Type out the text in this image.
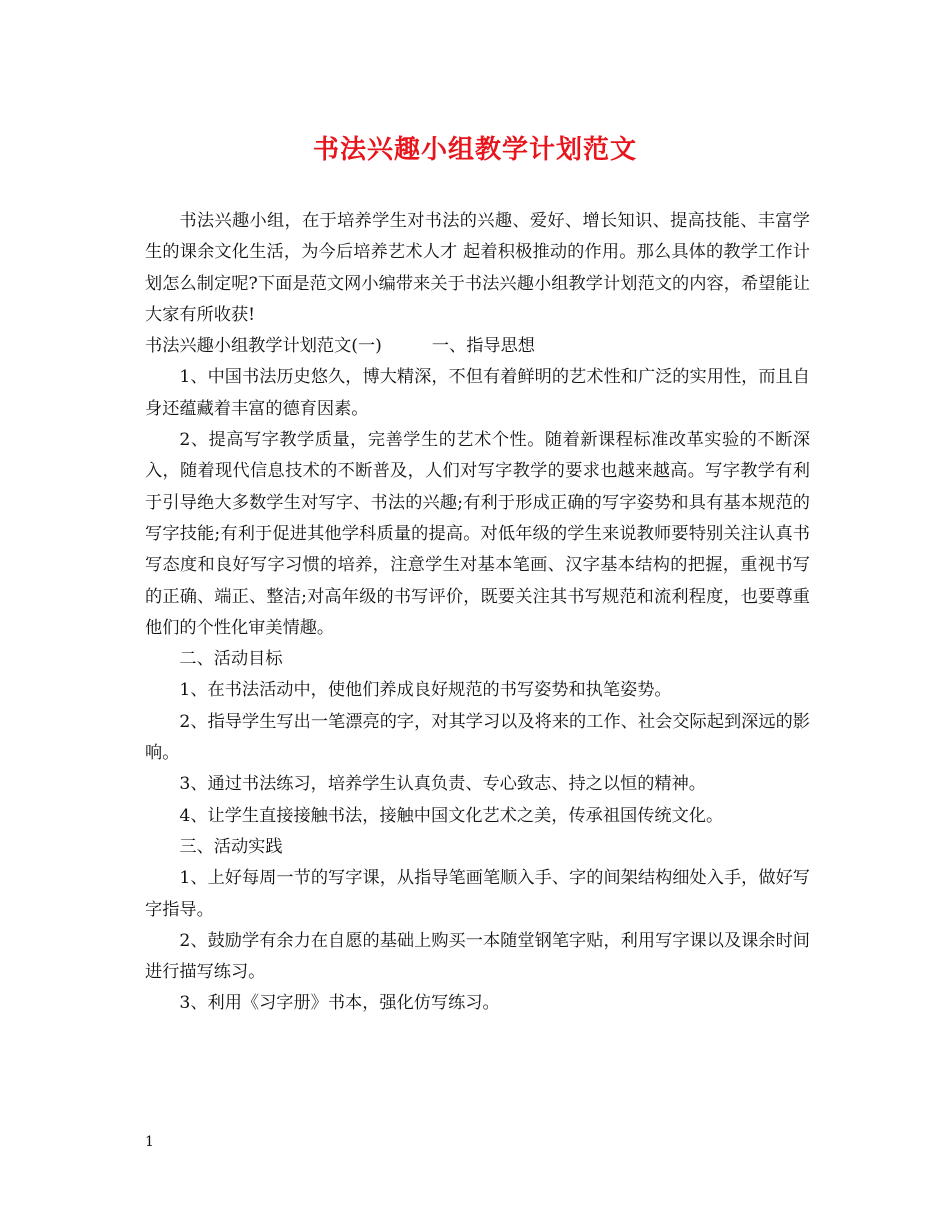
书法兴趣小组教学计划范文

书法兴趣小组，在于培养学生对书法的兴趣、爱好、增长知识、提高技能、丰富学生的课余文化生活，为今后培养艺术人才 起着积极推动的作用。那么具体的教学工作计划怎么制定呢?下面是范文网小编带来关于书法兴趣小组教学计划范文的内容，希望能让大家有所收获!

书法兴趣小组教学计划范文(一)	一、指导思想

1、中国书法历史悠久，博大精深，不但有着鲜明的艺术性和广泛的实用性，而且自身还蕴藏着丰富的德育因素。

2、提高写字教学质量，完善学生的艺术个性。随着新课程标准改革实验的不断深入，随着现代信息技术的不断普及，人们对写字教学的要求也越来越高。写字教学有利于引导绝大多数学生对写字、书法的兴趣;有利于形成正确的写字姿势和具有基本规范的写字技能;有利于促进其他学科质量的提高。对低年级的学生来说教师要特别关注认真书写态度和良好写字习惯的培养，注意学生对基本笔画、汉字基本结构的把握，重视书写的正确、端正、整洁;对高年级的书写评价，既要关注其书写规范和流利程度，也要尊重他们的个性化审美情趣。

二、活动目标

1、在书法活动中，使他们养成良好规范的书写姿势和执笔姿势。

2、指导学生写出一笔漂亮的字，对其学习以及将来的工作、社会交际起到深远的影响。

3、通过书法练习，培养学生认真负责、专心致志、持之以恒的精神。

4、让学生直接接触书法，接触中国文化艺术之美，传承祖国传统文化。

三、活动实践

1、上好每周一节的写字课，从指导笔画笔顺入手、字的间架结构细处入手，做好写字指导。

2、鼓励学有余力在自愿的基础上购买一本随堂钢笔字贴，利用写字课以及课余时间进行描写练习。

3、利用《习字册》书本，强化仿写练习。

1
